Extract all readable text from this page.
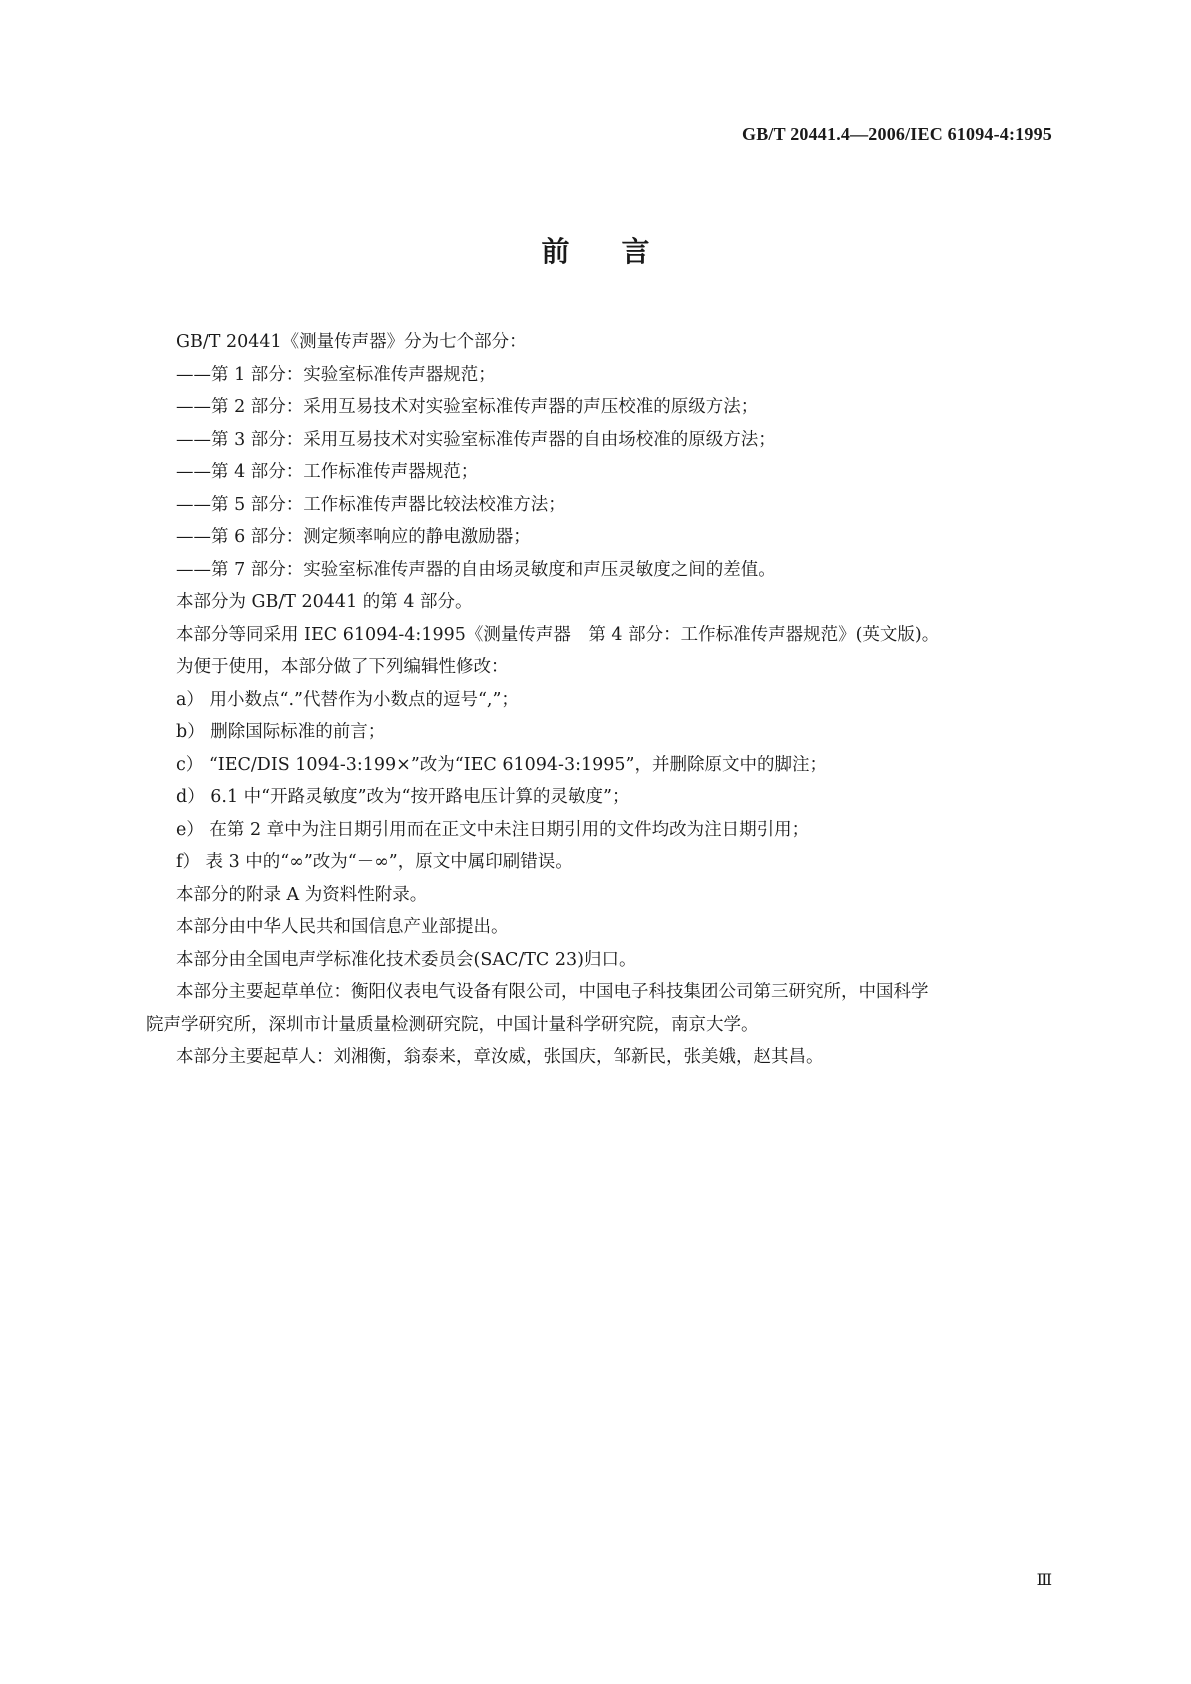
GB/T 20441.4—2006/IEC 61094-4:1995
前言
GB/T 20441《测量传声器》分为七个部分：
——第 1 部分：实验室标准传声器规范；
——第 2 部分：采用互易技术对实验室标准传声器的声压校准的原级方法；
——第 3 部分：采用互易技术对实验室标准传声器的自由场校准的原级方法；
——第 4 部分：工作标准传声器规范；
——第 5 部分：工作标准传声器比较法校准方法；
——第 6 部分：测定频率响应的静电激励器；
——第 7 部分：实验室标准传声器的自由场灵敏度和声压灵敏度之间的差值。
本部分为 GB/T 20441 的第 4 部分。
本部分等同采用 IEC 61094-4:1995《测量传声器　第 4 部分：工作标准传声器规范》(英文版)。
为便于使用，本部分做了下列编辑性修改：
a） 用小数点“.”代替作为小数点的逗号“,”；
b） 删除国际标准的前言；
c） “IEC/DIS 1094-3:199×”改为“IEC 61094-3:1995”，并删除原文中的脚注；
d） 6.1 中“开路灵敏度”改为“按开路电压计算的灵敏度”；
e） 在第 2 章中为注日期引用而在正文中未注日期引用的文件均改为注日期引用；
f） 表 3 中的“∞”改为“－∞”，原文中属印刷错误。
本部分的附录 A 为资料性附录。
本部分由中华人民共和国信息产业部提出。
本部分由全国电声学标准化技术委员会(SAC/TC 23)归口。
本部分主要起草单位：衡阳仪表电气设备有限公司，中国电子科技集团公司第三研究所，中国科学
院声学研究所，深圳市计量质量检测研究院，中国计量科学研究院，南京大学。
本部分主要起草人：刘湘衡，翁泰来，章汝威，张国庆，邹新民，张美娥，赵其昌。
Ⅲ
